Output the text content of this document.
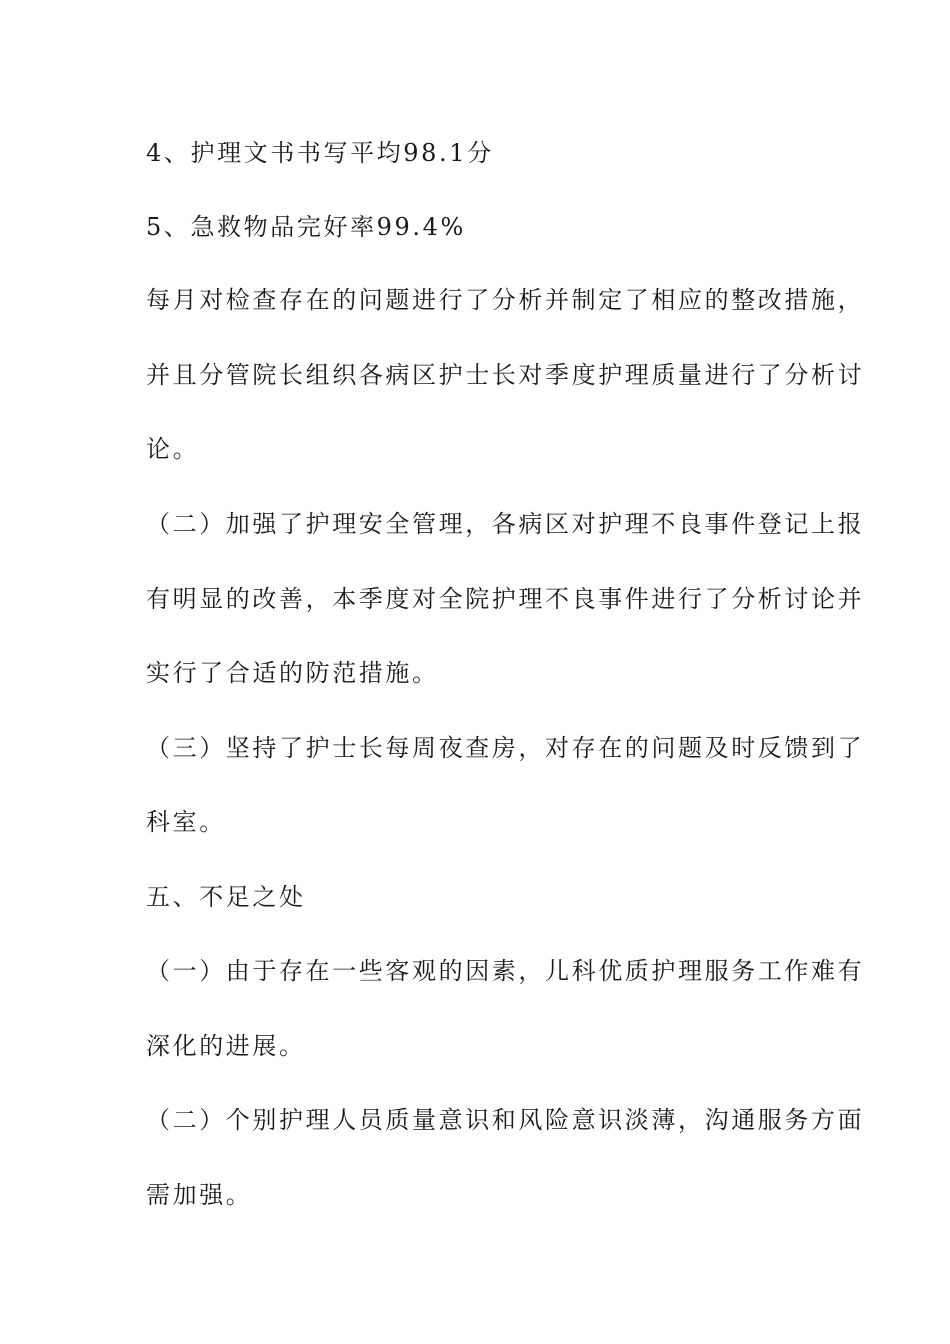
4、护理文书书写平均98.1分

5、急救物品完好率99.4%

每月对检查存在的问题进行了分析并制定了相应的整改措施，

并且分管院长组织各病区护士长对季度护理质量进行了分析讨

论。

（二）加强了护理安全管理，各病区对护理不良事件登记上报

有明显的改善，本季度对全院护理不良事件进行了分析讨论并

实行了合适的防范措施。

（三）坚持了护士长每周夜查房，对存在的问题及时反馈到了

科室。

五、不足之处

（一）由于存在一些客观的因素，儿科优质护理服务工作难有

深化的进展。

（二）个别护理人员质量意识和风险意识淡薄，沟通服务方面

需加强。
